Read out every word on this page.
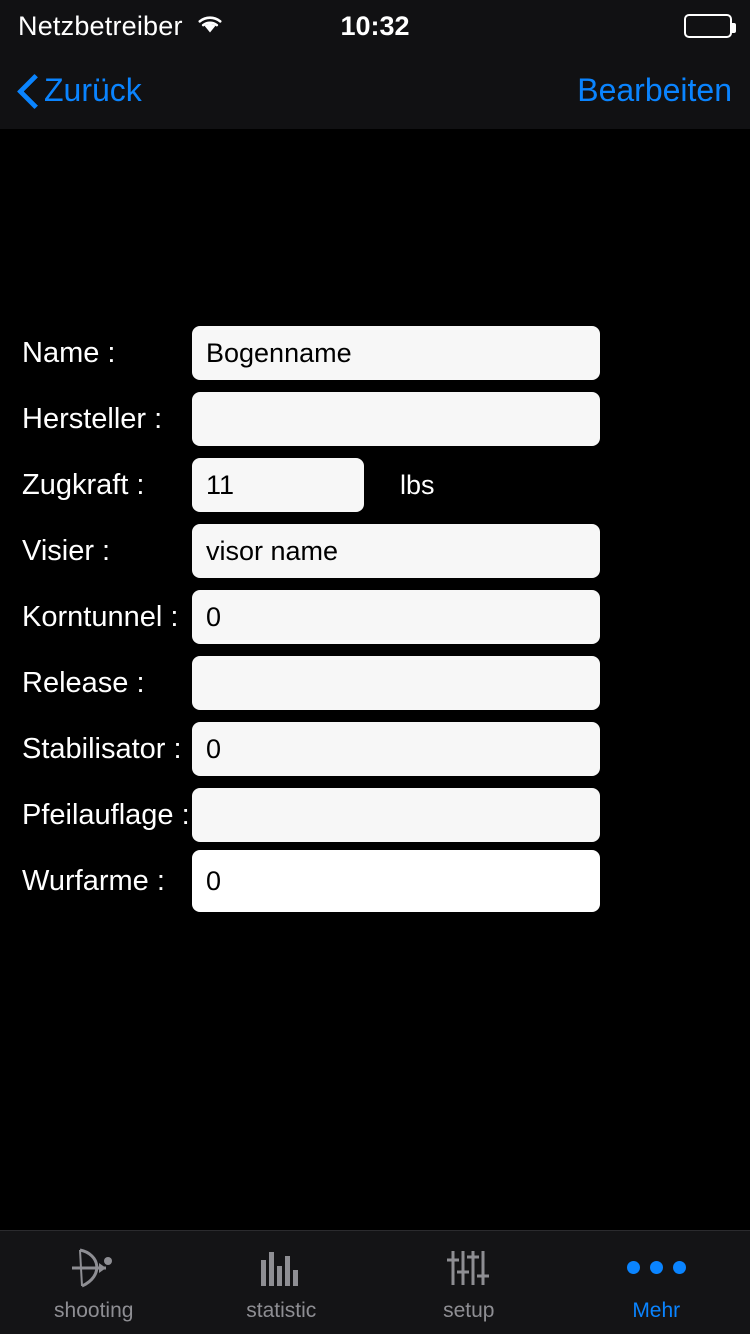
Netzbetreiber	10:32
Zurück	Bearbeiten
Name :	Bogenname
Hersteller :
Zugkraft :	11	lbs
Visier :	visor name
Korntunnel :	0
Release :
Stabilisator : 0
Pfeilauflage :
Wurfarme :	0
shooting	statistic	setup	Mehr
